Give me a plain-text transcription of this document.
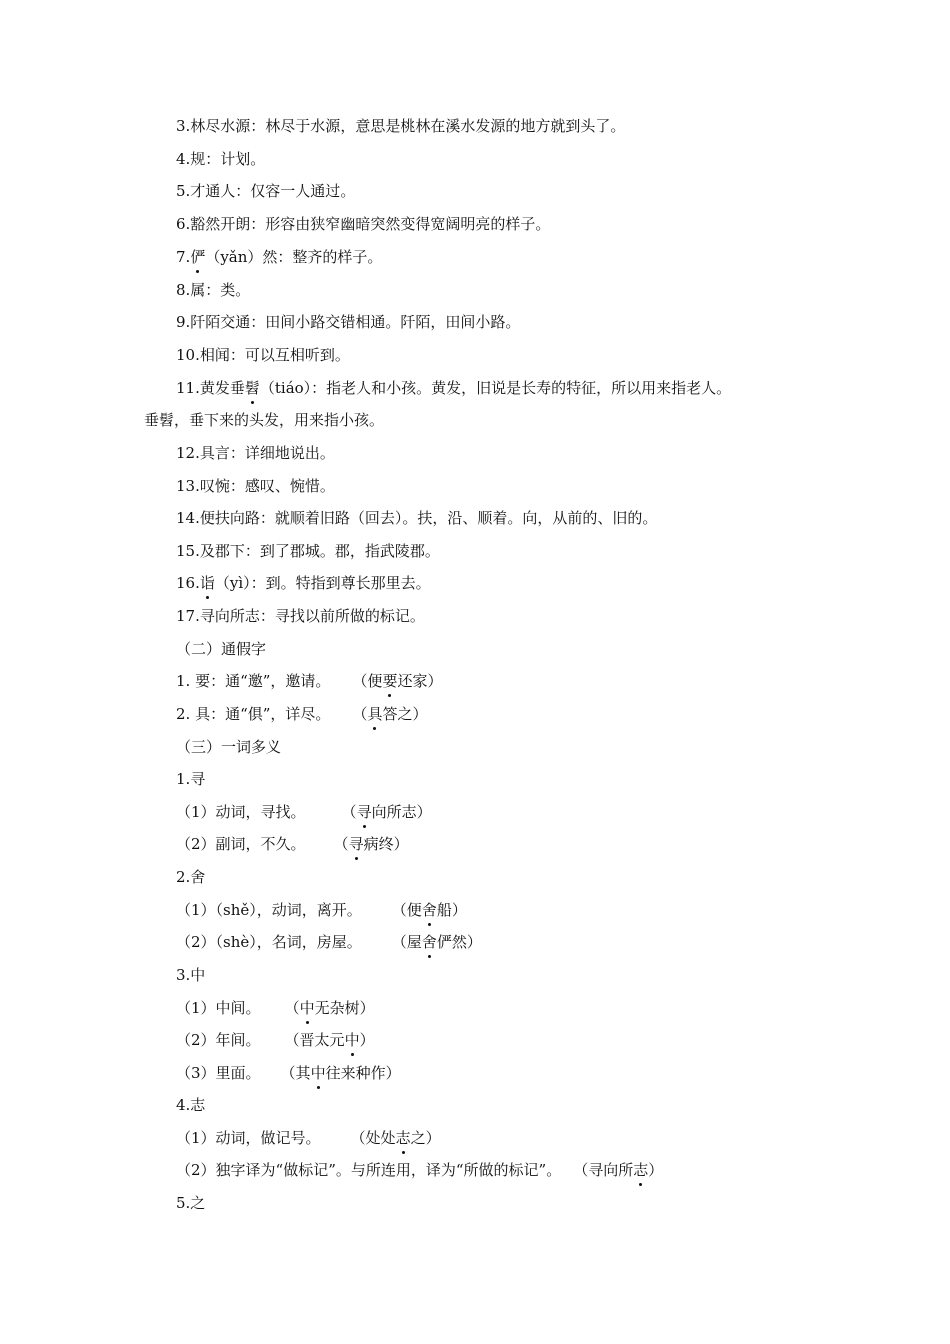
3.林尽水源：林尽于水源，意思是桃林在溪水发源的地方就到头了。
4.规：计划。
5.才通人：仅容一人通过。
6.豁然开朗：形容由狭窄幽暗突然变得宽阔明亮的样子。
7.俨（yǎn）然：整齐的样子。
8.属：类。
9.阡陌交通：田间小路交错相通。阡陌，田间小路。
10.相闻：可以互相听到。
11.黄发垂髫（tiáo）：指老人和小孩。黄发，旧说是长寿的特征，所以用来指老人。
垂髫，垂下来的头发，用来指小孩。
12.具言：详细地说出。
13.叹惋：感叹、惋惜。
14.便扶向路：就顺着旧路（回去）。扶，沿、顺着。向，从前的、旧的。
15.及郡下：到了郡城。郡，指武陵郡。
16.诣（yì）：到。特指到尊长那里去。
17.寻向所志：寻找以前所做的标记。
（二）通假字
1. 要：通“邀”，邀请。 （便要还家）
2. 具：通“俱”，详尽。 （具答之）
（三）一词多义
1.寻
（1）动词，寻找。 （寻向所志）
（2）副词，不久。 （寻病终）
2.舍
（1）（shě），动词，离开。 （便舍船）
（2）（shè），名词，房屋。 （屋舍俨然）
3.中
（1）中间。 （中无杂树）
（2）年间。 （晋太元中）
（3）里面。 （其中往来种作）
4.志
（1）动词，做记号。 （处处志之）
（2）独字译为“做标记”。与所连用，译为“所做的标记”。 （寻向所志）
5.之
